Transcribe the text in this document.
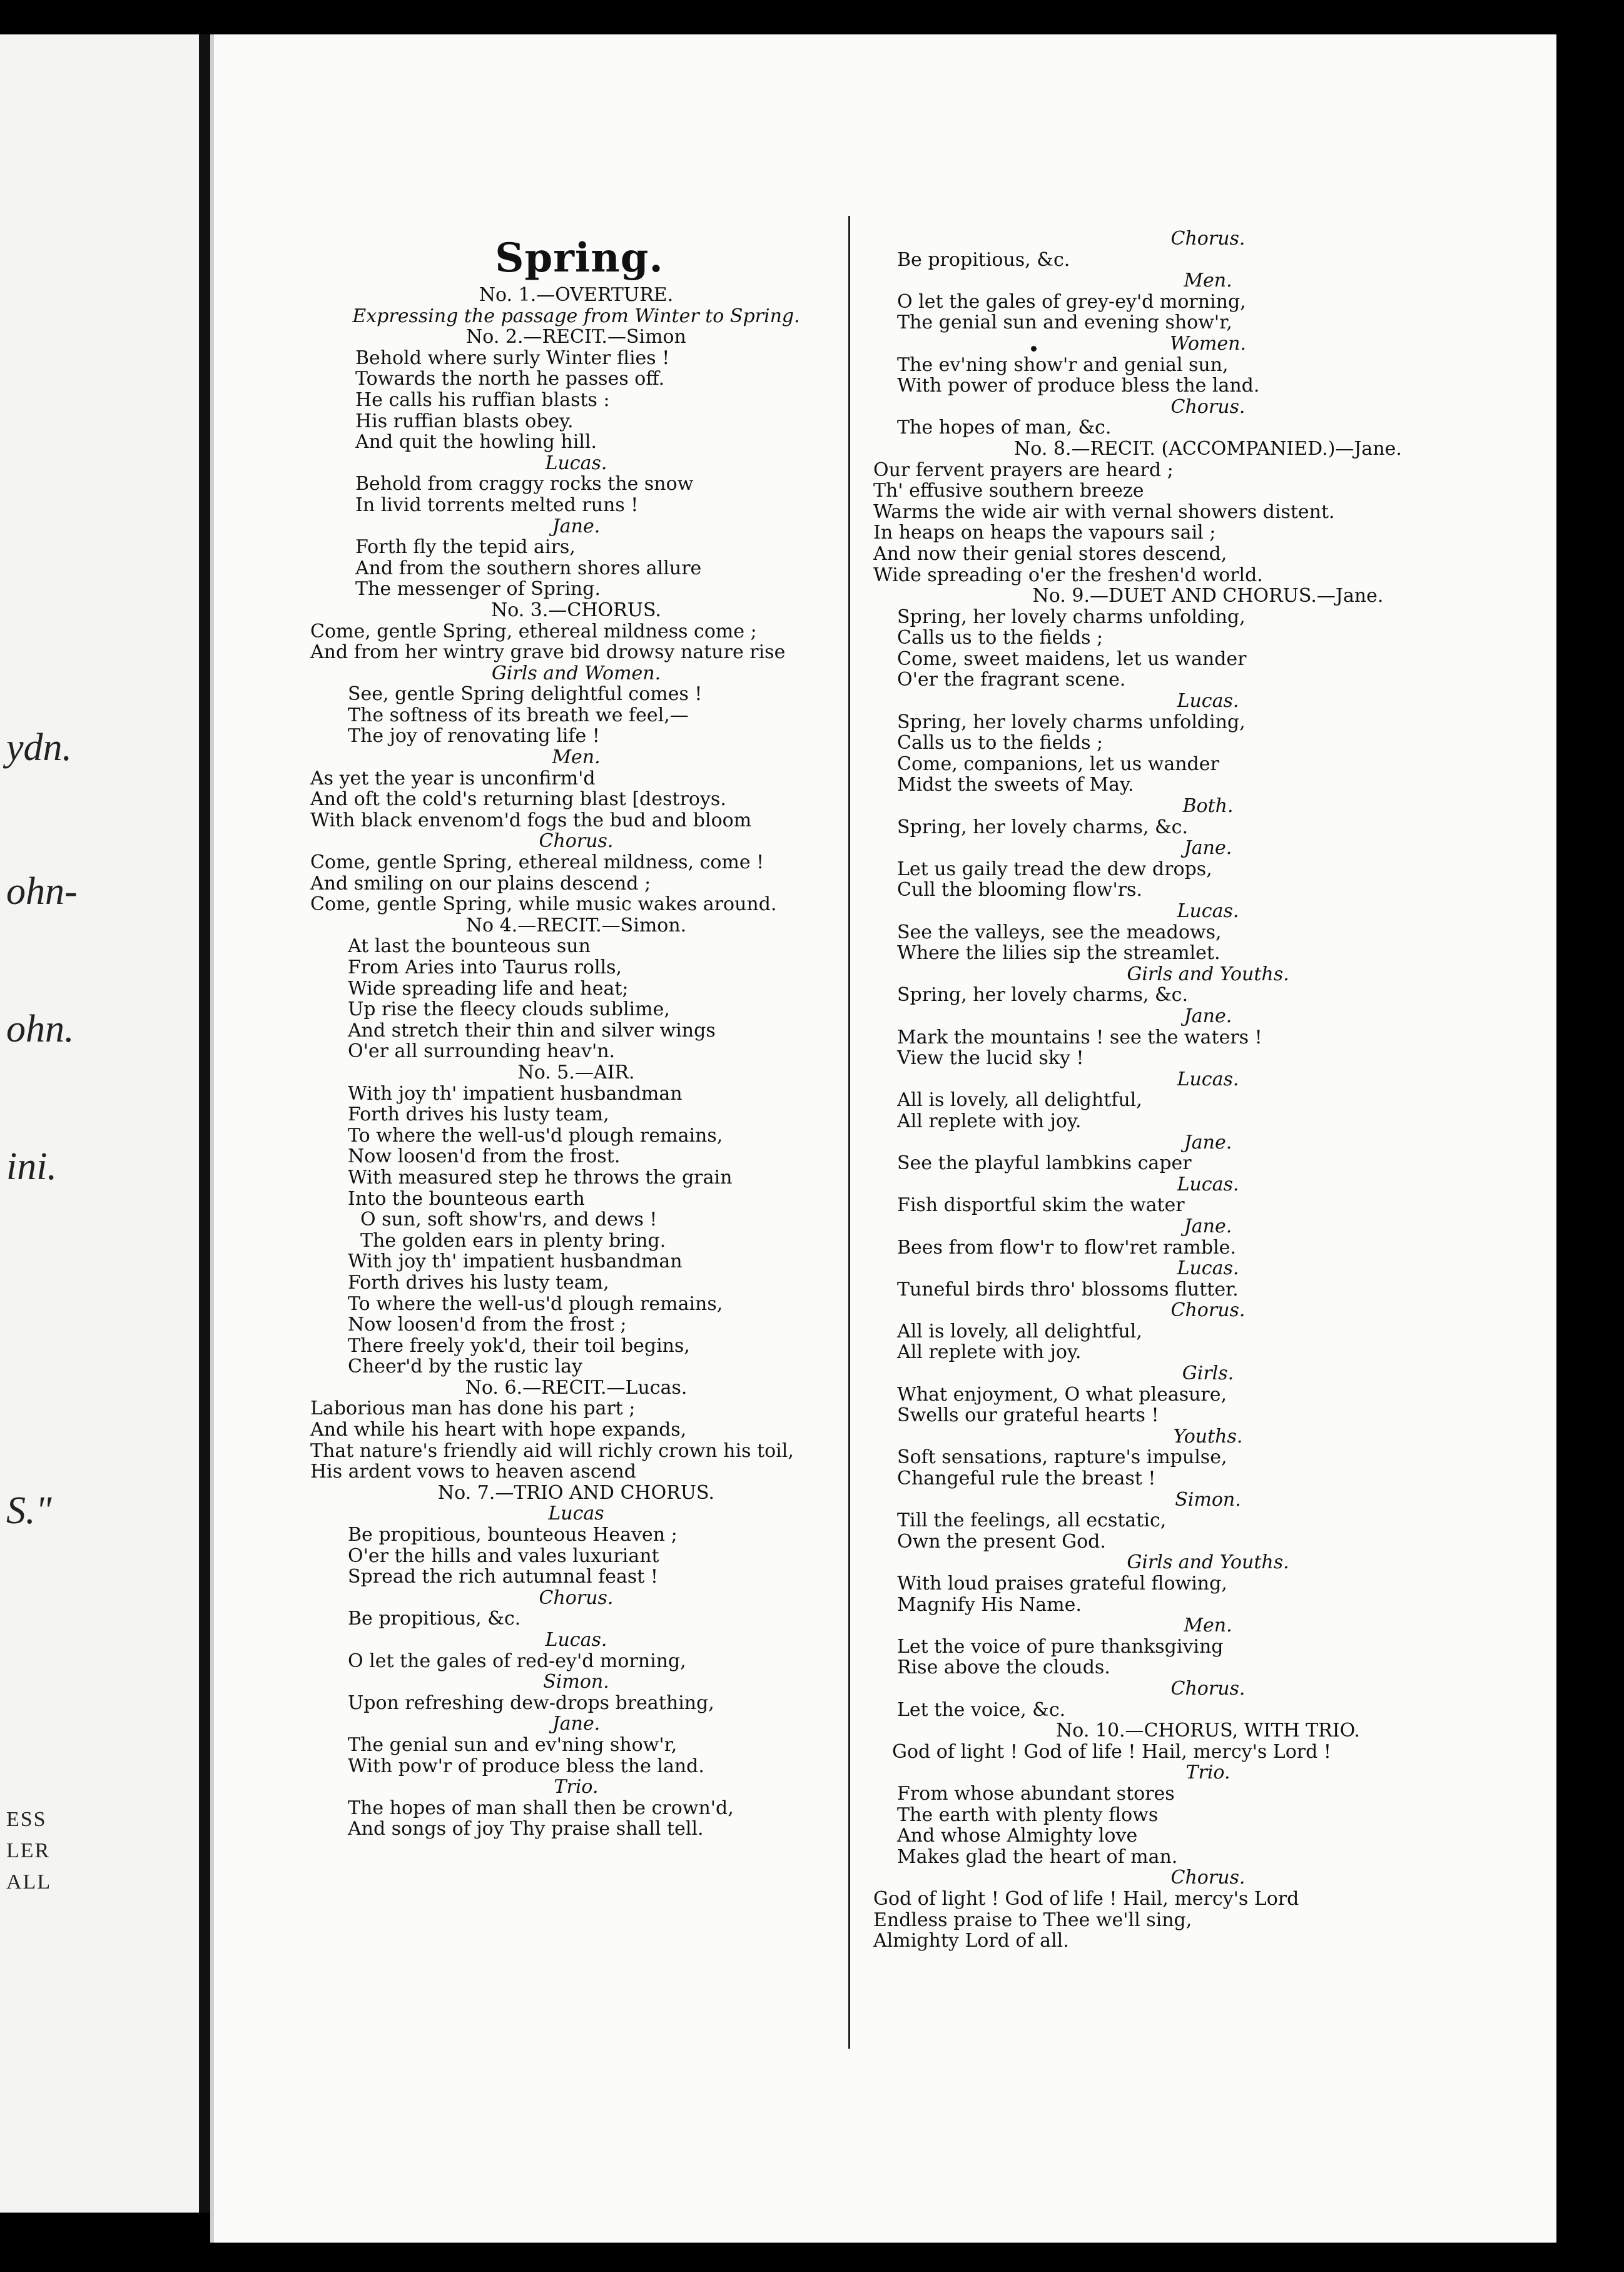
ydn.
ohn-
ohn.
ini.
S."
ESS
LER
ALL
Spring.
No. 1.—OVERTURE.
Expressing the passage from Winter to Spring.
No. 2.—RECIT.—Simon
Behold where surly Winter flies !
Towards the north he passes off.
He calls his ruffian blasts :
His ruffian blasts obey.
And quit the howling hill.
Lucas.
Behold from craggy rocks the snow
In livid torrents melted runs !
Jane.
Forth fly the tepid airs,
And from the southern shores allure
The messenger of Spring.
No. 3.—CHORUS.
Come, gentle Spring, ethereal mildness come ;
And from her wintry grave bid drowsy nature rise
Girls and Women.
See, gentle Spring delightful comes !
The softness of its breath we feel,—
The joy of renovating life !
Men.
As yet the year is unconfirm'd
And oft the cold's returning blast [destroys.
With black envenom'd fogs the bud and bloom
Chorus.
Come, gentle Spring, ethereal mildness, come !
And smiling on our plains descend ;
Come, gentle Spring, while music wakes around.
No 4.—RECIT.—Simon.
At last the bounteous sun
From Aries into Taurus rolls,
Wide spreading life and heat;
Up rise the fleecy clouds sublime,
And stretch their thin and silver wings
O'er all surrounding heav'n.
No. 5.—AIR.
With joy th' impatient husbandman
Forth drives his lusty team,
To where the well-us'd plough remains,
Now loosen'd from the frost.
With measured step he throws the grain
Into the bounteous earth
O sun, soft show'rs, and dews !
The golden ears in plenty bring.
With joy th' impatient husbandman
Forth drives his lusty team,
To where the well-us'd plough remains,
Now loosen'd from the frost ;
There freely yok'd, their toil begins,
Cheer'd by the rustic lay
No. 6.—RECIT.—Lucas.
Laborious man has done his part ;
And while his heart with hope expands,
That nature's friendly aid will richly crown his toil,
His ardent vows to heaven ascend
No. 7.—TRIO AND CHORUS.
Lucas
Be propitious, bounteous Heaven ;
O'er the hills and vales luxuriant
Spread the rich autumnal feast !
Chorus.
Be propitious, &c.
Lucas.
O let the gales of red-ey'd morning,
Simon.
Upon refreshing dew-drops breathing,
Jane.
The genial sun and ev'ning show'r,
With pow'r of produce bless the land.
Trio.
The hopes of man shall then be crown'd,
And songs of joy Thy praise shall tell.
Chorus.
Be propitious, &c.
Men.
O let the gales of grey-ey'd morning,
The genial sun and evening show'r,
Women.
The ev'ning show'r and genial sun,
With power of produce bless the land.
Chorus.
The hopes of man, &c.
No. 8.—RECIT. (ACCOMPANIED.)—Jane.
Our fervent prayers are heard ;
Th' effusive southern breeze
Warms the wide air with vernal showers distent.
In heaps on heaps the vapours sail ;
And now their genial stores descend,
Wide spreading o'er the freshen'd world.
No. 9.—DUET AND CHORUS.—Jane.
Spring, her lovely charms unfolding,
Calls us to the fields ;
Come, sweet maidens, let us wander
O'er the fragrant scene.
Lucas.
Spring, her lovely charms unfolding,
Calls us to the fields ;
Come, companions, let us wander
Midst the sweets of May.
Both.
Spring, her lovely charms, &c.
Jane.
Let us gaily tread the dew drops,
Cull the blooming flow'rs.
Lucas.
See the valleys, see the meadows,
Where the lilies sip the streamlet.
Girls and Youths.
Spring, her lovely charms, &c.
Jane.
Mark the mountains ! see the waters !
View the lucid sky !
Lucas.
All is lovely, all delightful,
All replete with joy.
Jane.
See the playful lambkins caper
Lucas.
Fish disportful skim the water
Jane.
Bees from flow'r to flow'ret ramble.
Lucas.
Tuneful birds thro' blossoms flutter.
Chorus.
All is lovely, all delightful,
All replete with joy.
Girls.
What enjoyment, O what pleasure,
Swells our grateful hearts !
Youths.
Soft sensations, rapture's impulse,
Changeful rule the breast !
Simon.
Till the feelings, all ecstatic,
Own the present God.
Girls and Youths.
With loud praises grateful flowing,
Magnify His Name.
Men.
Let the voice of pure thanksgiving
Rise above the clouds.
Chorus.
Let the voice, &c.
No. 10.—CHORUS, WITH TRIO.
God of light ! God of life ! Hail, mercy's Lord !
Trio.
From whose abundant stores
The earth with plenty flows
And whose Almighty love
Makes glad the heart of man.
Chorus.
God of light ! God of life ! Hail, mercy's Lord
Endless praise to Thee we'll sing,
Almighty Lord of all.
